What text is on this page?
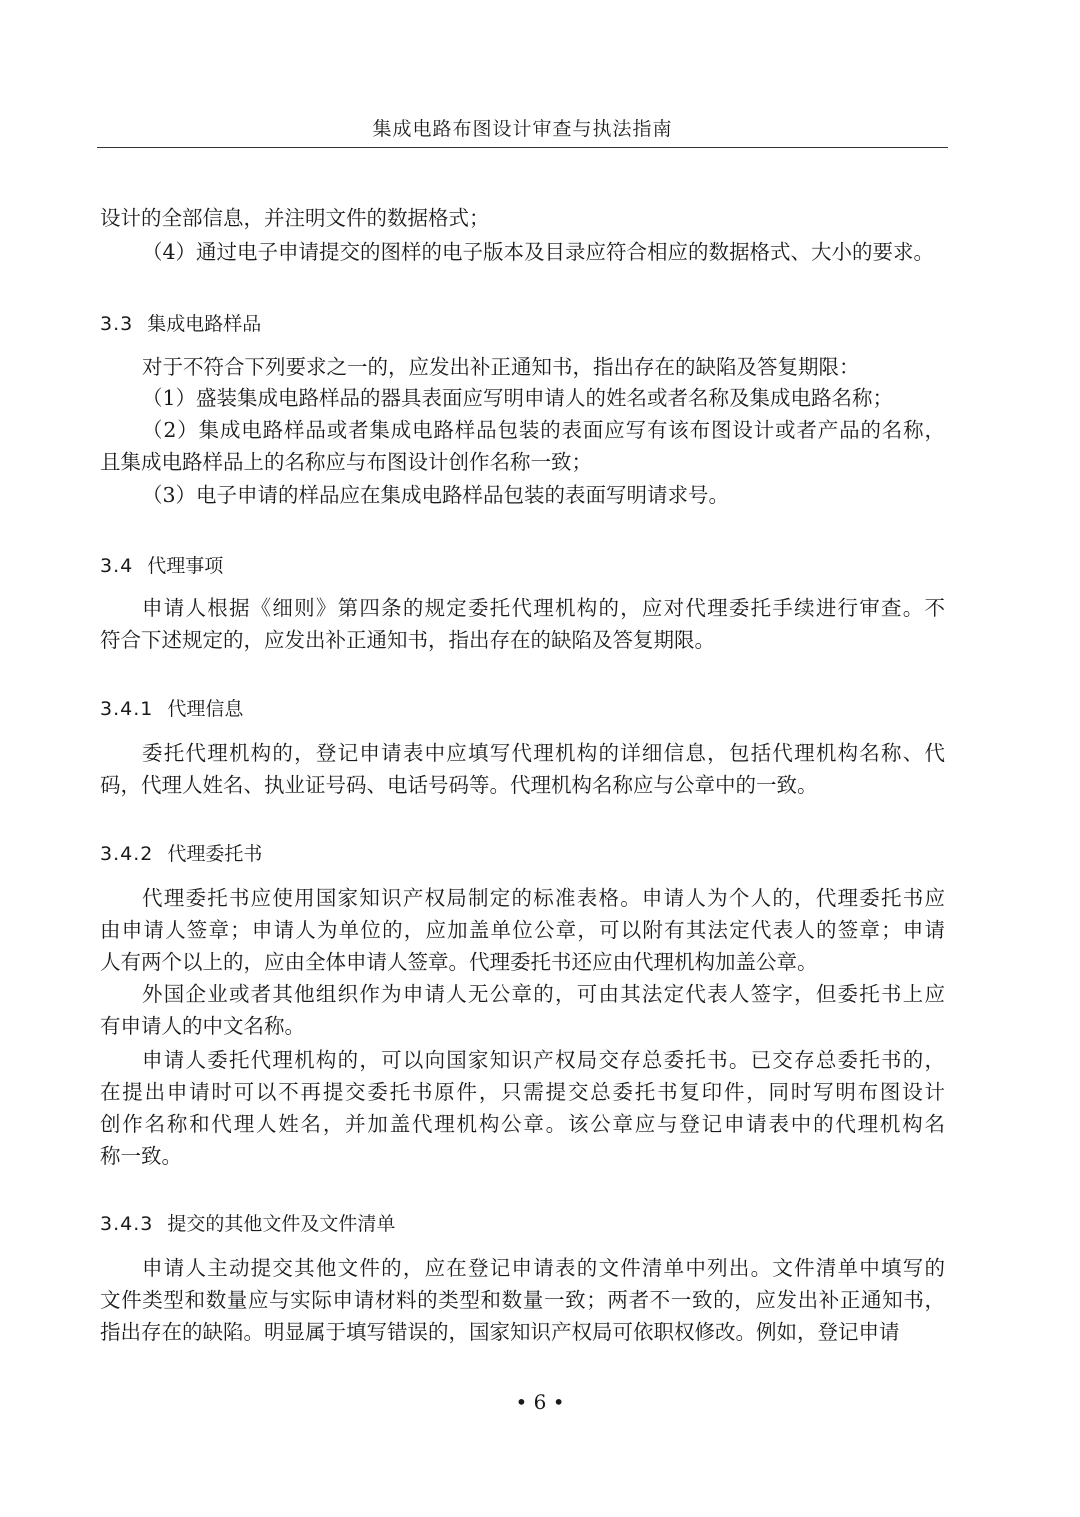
集成电路布图设计审查与执法指南
设计的全部信息，并注明文件的数据格式；
（4）通过电子申请提交的图样的电子版本及目录应符合相应的数据格式、大小的要求。
3.3 集成电路样品
对于不符合下列要求之一的，应发出补正通知书，指出存在的缺陷及答复期限：
（1）盛装集成电路样品的器具表面应写明申请人的姓名或者名称及集成电路名称；
（2）集成电路样品或者集成电路样品包装的表面应写有该布图设计或者产品的名称，
且集成电路样品上的名称应与布图设计创作名称一致；
（3）电子申请的样品应在集成电路样品包装的表面写明请求号。
3.4 代理事项
申请人根据《细则》第四条的规定委托代理机构的，应对代理委托手续进行审查。不
符合下述规定的，应发出补正通知书，指出存在的缺陷及答复期限。
3.4.1 代理信息
委托代理机构的，登记申请表中应填写代理机构的详细信息，包括代理机构名称、代
码，代理人姓名、执业证号码、电话号码等。代理机构名称应与公章中的一致。
3.4.2 代理委托书
代理委托书应使用国家知识产权局制定的标准表格。申请人为个人的，代理委托书应
由申请人签章；申请人为单位的，应加盖单位公章，可以附有其法定代表人的签章；申请
人有两个以上的，应由全体申请人签章。代理委托书还应由代理机构加盖公章。
外国企业或者其他组织作为申请人无公章的，可由其法定代表人签字，但委托书上应
有申请人的中文名称。
申请人委托代理机构的，可以向国家知识产权局交存总委托书。已交存总委托书的，
在提出申请时可以不再提交委托书原件，只需提交总委托书复印件，同时写明布图设计
创作名称和代理人姓名，并加盖代理机构公章。该公章应与登记申请表中的代理机构名
称一致。
3.4.3 提交的其他文件及文件清单
申请人主动提交其他文件的，应在登记申请表的文件清单中列出。文件清单中填写的
文件类型和数量应与实际申请材料的类型和数量一致；两者不一致的，应发出补正通知书，
指出存在的缺陷。明显属于填写错误的，国家知识产权局可依职权修改。例如，登记申请
• 6 •
